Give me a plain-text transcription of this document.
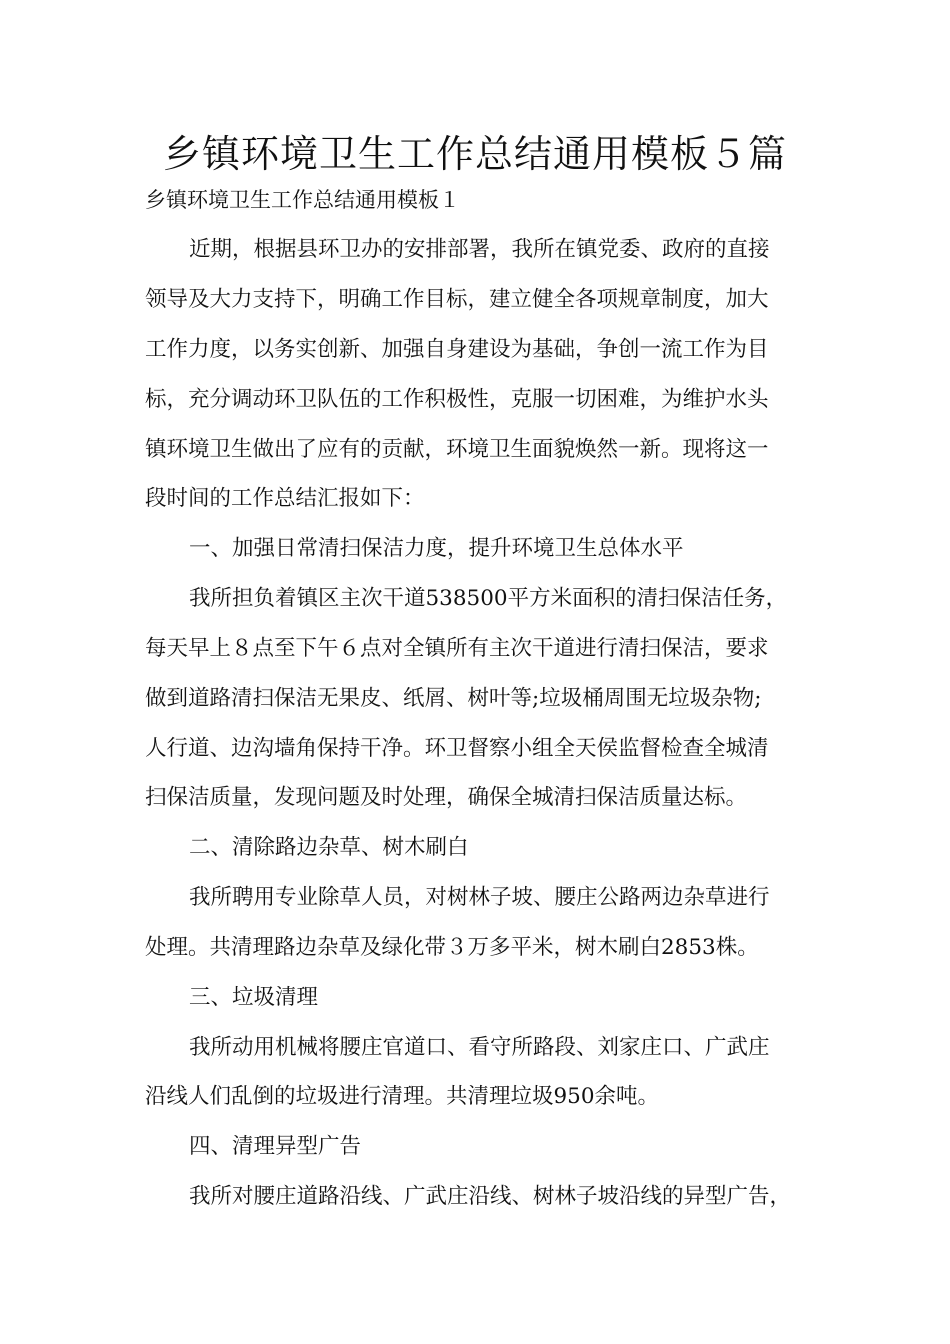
乡镇环境卫生工作总结通用模板５篇

乡镇环境卫生工作总结通用模板１

近期，根据县环卫办的安排部署，我所在镇党委、政府的直接

领导及大力支持下，明确工作目标，建立健全各项规章制度，加大

工作力度，以务实创新、加强自身建设为基础，争创一流工作为目

标，充分调动环卫队伍的工作积极性，克服一切困难，为维护水头

镇环境卫生做出了应有的贡献，环境卫生面貌焕然一新。现将这一

段时间的工作总结汇报如下：

一、加强日常清扫保洁力度，提升环境卫生总体水平

我所担负着镇区主次干道538500平方米面积的清扫保洁任务，

每天早上８点至下午６点对全镇所有主次干道进行清扫保洁，要求

做到道路清扫保洁无果皮、纸屑、树叶等;垃圾桶周围无垃圾杂物;

人行道、边沟墙角保持干净。环卫督察小组全天侯监督检查全城清

扫保洁质量，发现问题及时处理，确保全城清扫保洁质量达标。

二、清除路边杂草、树木刷白

我所聘用专业除草人员，对树林子坡、腰庄公路两边杂草进行

处理。共清理路边杂草及绿化带３万多平米，树木刷白2853株。

三、垃圾清理

我所动用机械将腰庄官道口、看守所路段、刘家庄口、广武庄

沿线人们乱倒的垃圾进行清理。共清理垃圾950余吨。

四、清理异型广告

我所对腰庄道路沿线、广武庄沿线、树林子坡沿线的异型广告，
